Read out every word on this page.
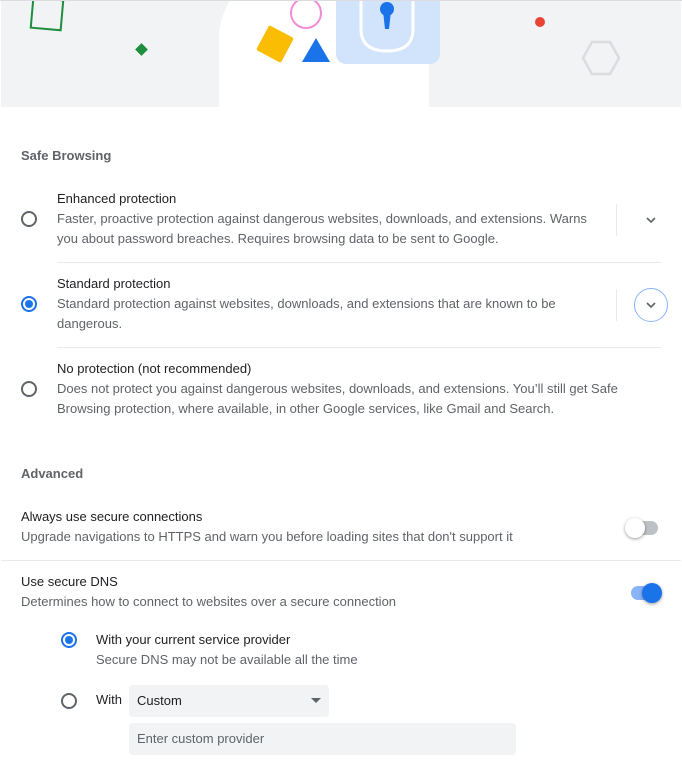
Safe Browsing
Enhanced protection
Faster, proactive protection against dangerous websites, downloads, and extensions. Warns
you about password breaches. Requires browsing data to be sent to Google.
Standard protection
Standard protection against websites, downloads, and extensions that are known to be
dangerous.
No protection (not recommended)
Does not protect you against dangerous websites, downloads, and extensions. You’ll still get Safe
Browsing protection, where available, in other Google services, like Gmail and Search.
Advanced
Always use secure connections
Upgrade navigations to HTTPS and warn you before loading sites that don't support it
Use secure DNS
Determines how to connect to websites over a secure connection
With your current service provider
Secure DNS may not be available all the time
With	Custom
Enter custom provider
